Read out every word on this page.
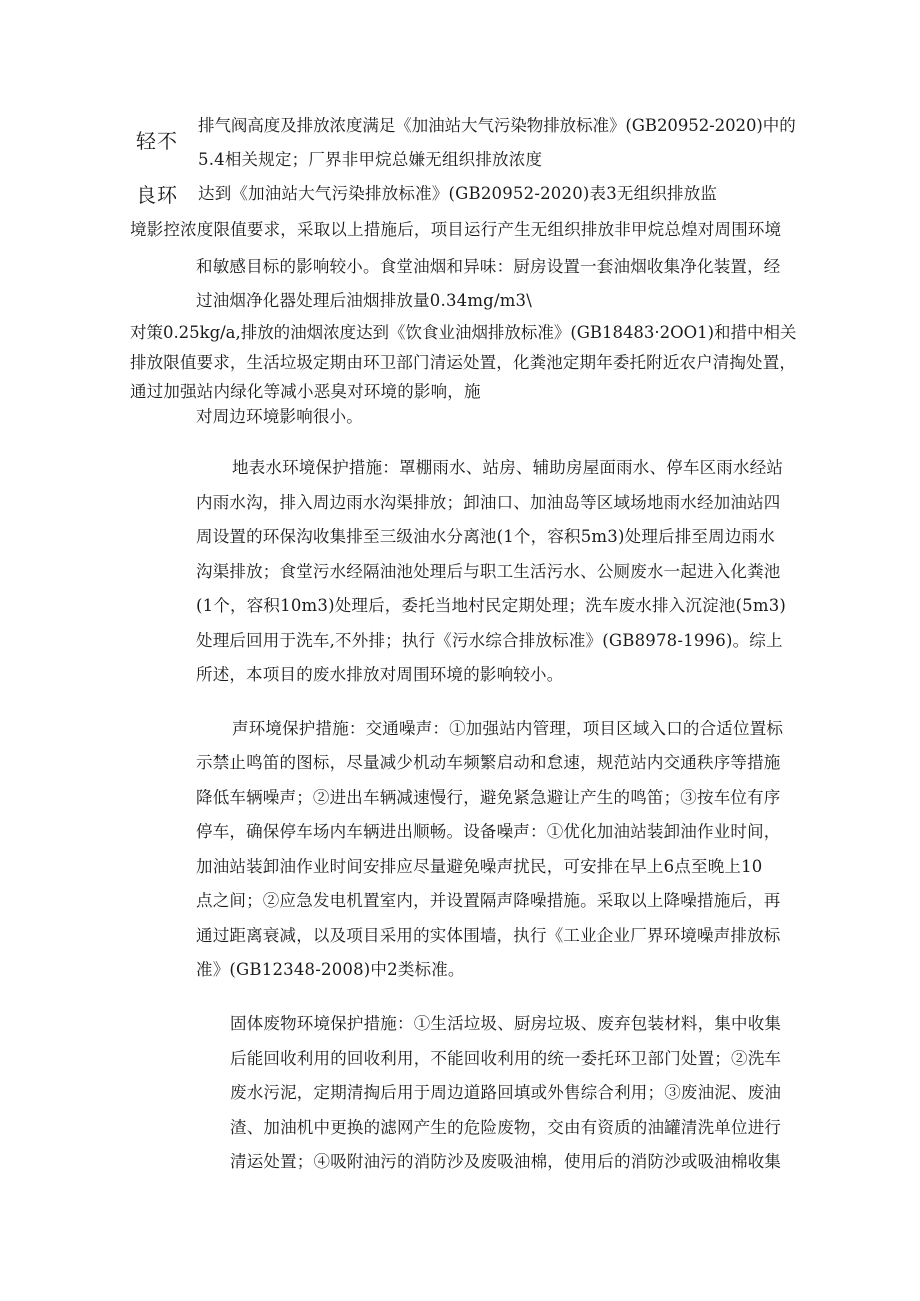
轻不
良环
排气阀高度及排放浓度满足《加油站大气污染物排放标准》(GB20952-2020)中的
5.4相关规定；厂界非甲烷总嫌无组织排放浓度
达到《加油站大气污染排放标准》(GB20952-2020)表3无组织排放监
境影控浓度限值要求，采取以上措施后，项目运行产生无组织排放非甲烷总煌对周围环境
和敏感目标的影响较小。食堂油烟和异味：厨房设置一套油烟收集净化装置，经
过油烟净化器处理后油烟排放量0.34mg/m3\
对策0.25kg/a,排放的油烟浓度达到《饮食业油烟排放标准》(GB18483·2OO1)和措中相关
排放限值要求，生活垃圾定期由环卫部门清运处置，化粪池定期年委托附近农户清掏处置，
通过加强站内绿化等减小恶臭对环境的影响，施
对周边环境影响很小。
地表水环境保护措施：罩棚雨水、站房、辅助房屋面雨水、停车区雨水经站
内雨水沟，排入周边雨水沟渠排放；卸油口、加油岛等区域场地雨水经加油站四
周设置的环保沟收集排至三级油水分离池(1个，容积5m3)处理后排至周边雨水
沟渠排放；食堂污水经隔油池处理后与职工生活污水、公厕废水一起进入化粪池
(1个，容积10m3)处理后，委托当地村民定期处理；洗车废水排入沉淀池(5m3)
处理后回用于洗车,不外排；执行《污水综合排放标准》(GB8978-1996)。综上
所述，本项目的废水排放对周围环境的影响较小。
声环境保护措施：交通噪声：①加强站内管理，项目区域入口的合适位置标
示禁止鸣笛的图标，尽量减少机动车频繁启动和怠速，规范站内交通秩序等措施
降低车辆噪声；②进出车辆减速慢行，避免紧急避让产生的鸣笛；③按车位有序
停车，确保停车场内车辆进出顺畅。设备噪声：①优化加油站装卸油作业时间，
加油站装卸油作业时间安排应尽量避免噪声扰民，可安排在早上6点至晚上10
点之间；②应急发电机置室内，并设置隔声降噪措施。采取以上降噪措施后，再
通过距离衰减，以及项目采用的实体围墙，执行《工业企业厂界环境噪声排放标
准》(GB12348-2008)中2类标准。
固体废物环境保护措施：①生活垃圾、厨房垃圾、废弃包装材料，集中收集
后能回收利用的回收利用，不能回收利用的统一委托环卫部门处置；②洗车
废水污泥，定期清掏后用于周边道路回填或外售综合利用；③废油泥、废油
渣、加油机中更换的滤网产生的危险废物，交由有资质的油罐清洗单位进行
清运处置；④吸附油污的消防沙及废吸油棉，使用后的消防沙或吸油棉收集
